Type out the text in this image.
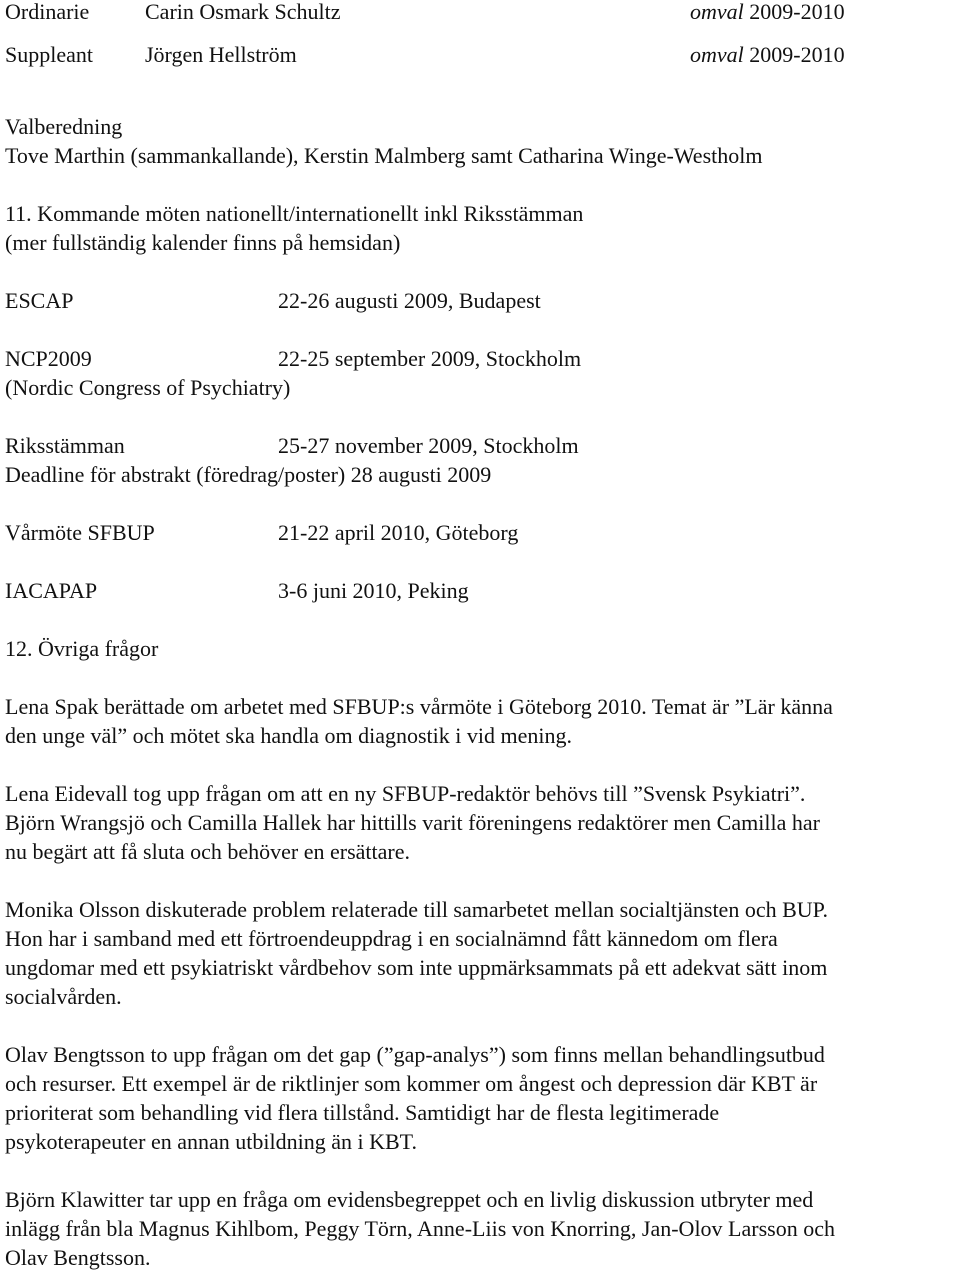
Ordinarie	Carin Osmark Schultz	omval 2009-2010
Suppleant Jörgen Hellström	omval 2009-2010
Valberedning
Tove Marthin (sammankallande), Kerstin Malmberg samt Catharina Winge-Westholm
11. Kommande möten nationellt/internationellt inkl Riksstämman
(mer fullständig kalender finns på hemsidan)
ESCAP	22-26 augusti 2009, Budapest
NCP2009	22-25 september 2009, Stockholm
(Nordic Congress of Psychiatry)
Riksstämman	25-27 november 2009, Stockholm
Deadline för abstrakt (föredrag/poster) 28 augusti 2009
Vårmöte SFBUP	21-22 april 2010, Göteborg
IACAPAP	3-6 juni 2010, Peking
12. Övriga frågor
Lena Spak berättade om arbetet med SFBUP:s vårmöte i Göteborg 2010. Temat är ”Lär känna
den unge väl” och mötet ska handla om diagnostik i vid mening.
Lena Eidevall tog upp frågan om att en ny SFBUP-redaktör behövs till ”Svensk Psykiatri”.
Björn Wrangsjö och Camilla Hallek har hittills varit föreningens redaktörer men Camilla har
nu begärt att få sluta och behöver en ersättare.
Monika Olsson diskuterade problem relaterade till samarbetet mellan socialtjänsten och BUP.
Hon har i samband med ett förtroendeuppdrag i en socialnämnd fått kännedom om flera
ungdomar med ett psykiatriskt vårdbehov som inte uppmärksammats på ett adekvat sätt inom
socialvården.
Olav Bengtsson to upp frågan om det gap (”gap-analys”) som finns mellan behandlingsutbud
och resurser. Ett exempel är de riktlinjer som kommer om ångest och depression där KBT är
prioriterat som behandling vid flera tillstånd. Samtidigt har de flesta legitimerade
psykoterapeuter en annan utbildning än i KBT.
Björn Klawitter tar upp en fråga om evidensbegreppet och en livlig diskussion utbryter med
inlägg från bla Magnus Kihlbom, Peggy Törn, Anne-Liis von Knorring, Jan-Olov Larsson och
Olav Bengtsson.
